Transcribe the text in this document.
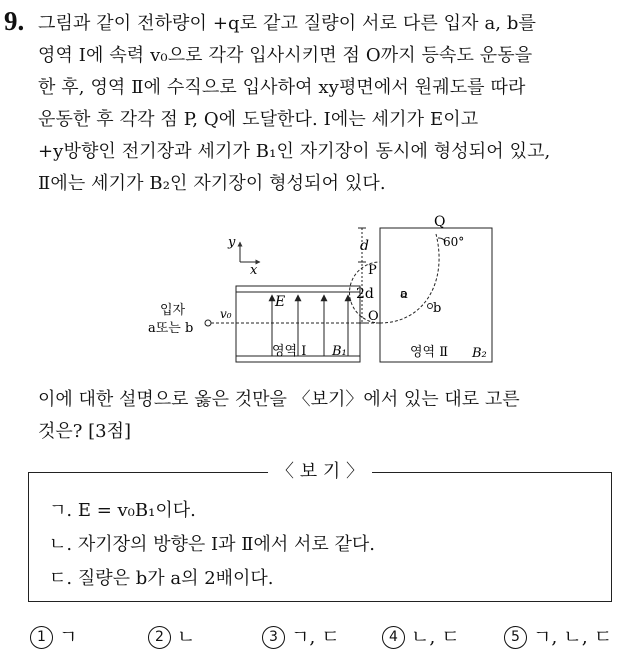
9. 그림과 같이 전하량이 +q로 같고 질량이 서로 다른 입자 a, b를
영역 Ⅰ에 속력 v₀으로 각각 입사시키면 점 O까지 등속도 운동을
한 후, 영역 Ⅱ에 수직으로 입사하여 xy평면에서 원궤도를 따라
운동한 후 각각 점 P, Q에 도달한다. Ⅰ에는 세기가 E이고
+y방향인 전기장과 세기가 B₁인 자기장이 동시에 형성되어 있고,
Ⅱ에는 세기가 B₂인 자기장이 형성되어 있다.
y
x
E
영역 Ⅰ B₁
v₀
입자
a또는 b
영역 Ⅱ B₂
d
2d
Q
P
O
a
b
60°
이에 대한 설명으로 옳은 것만을 〈보기〉에서 있는 대로 고른
것은? [3점]
〈 보 기 〉
ㄱ. E = v₀B₁이다.
ㄴ. 자기장의 방향은 Ⅰ과 Ⅱ에서 서로 같다.
ㄷ. 질량은 b가 a의 2배이다.
1 ㄱ	2 ㄴ	3 ㄱ, ㄷ	4 ㄴ, ㄷ	5 ㄱ, ㄴ, ㄷ
